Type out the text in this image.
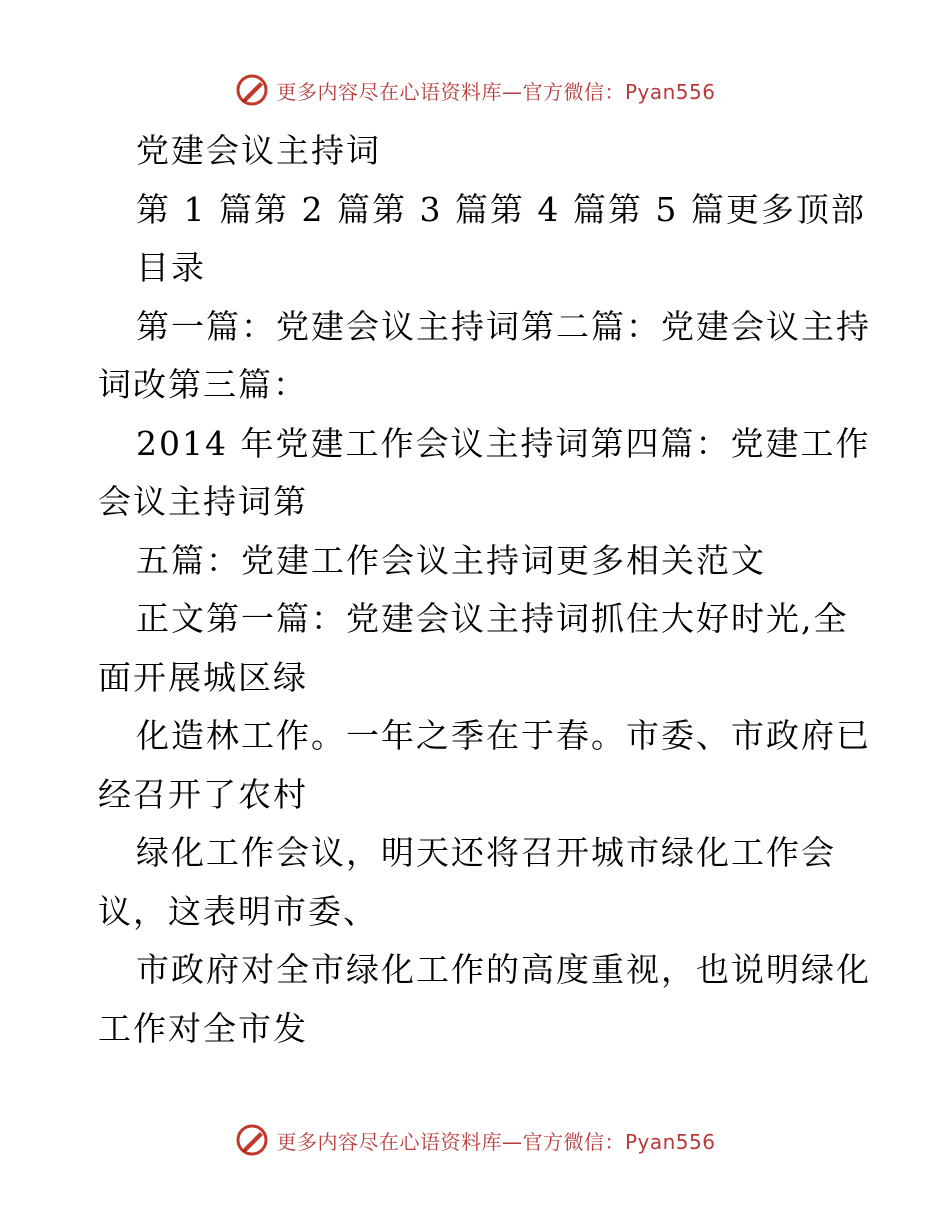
更多内容尽在心语资料库—官方微信：Pyan556
党建会议主持词
第 1 篇第 2 篇第 3 篇第 4 篇第 5 篇更多顶部
目录
第一篇：党建会议主持词第二篇：党建会议主持
词改第三篇：
2014 年党建工作会议主持词第四篇：党建工作
会议主持词第
五篇：党建工作会议主持词更多相关范文
正文第一篇：党建会议主持词抓住大好时光,全
面开展城区绿
化造林工作。一年之季在于春。市委、市政府已
经召开了农村
绿化工作会议，明天还将召开城市绿化工作会
议，这表明市委、
市政府对全市绿化工作的高度重视，也说明绿化
工作对全市发
更多内容尽在心语资料库—官方微信：Pyan556
